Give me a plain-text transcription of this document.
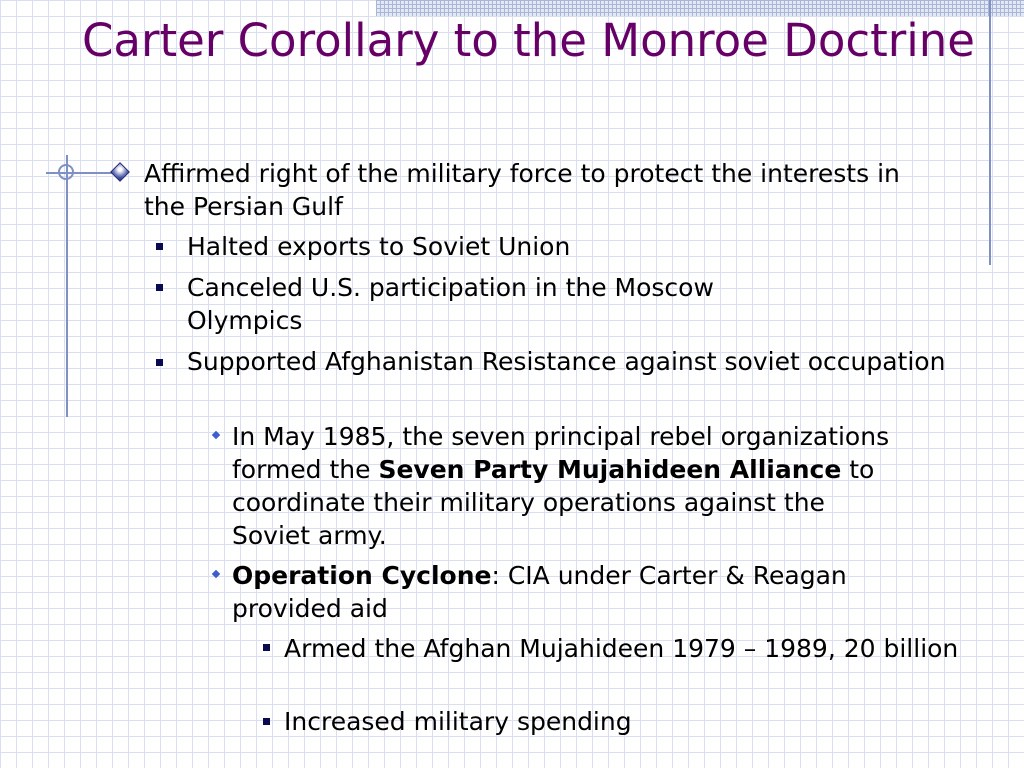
Carter Corollary to the Monroe Doctrine

Affirmed right of the military force to protect the interests in the Persian Gulf

Halted exports to Soviet Union

Canceled U.S. participation in the Moscow Olympics

Supported Afghanistan Resistance against soviet occupation

In May 1985, the seven principal rebel organizations formed the Seven Party Mujahideen Alliance to coordinate their military operations against the Soviet army.

Operation Cyclone: CIA under Carter & Reagan provided aid

Armed the Afghan Mujahideen 1979 – 1989, 20 billion

Increased military spending
